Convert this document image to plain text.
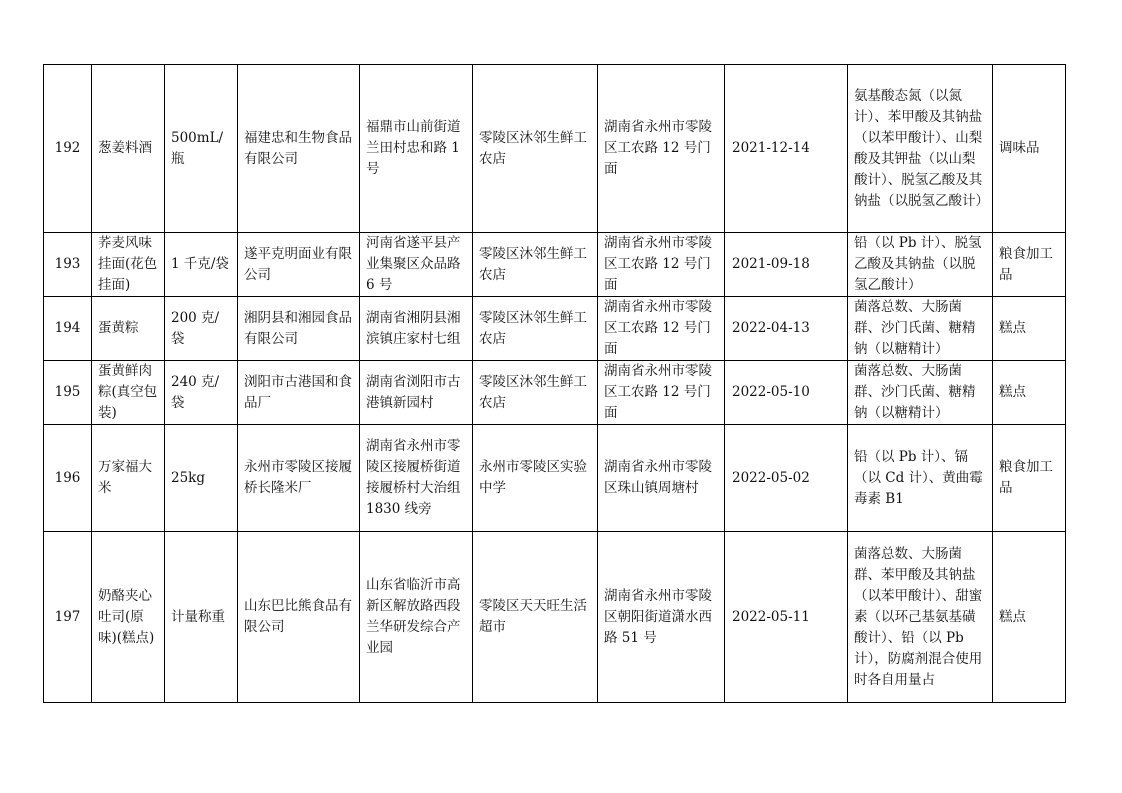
192	葱姜料酒	500mL/瓶	福建忠和生物食品有限公司	福鼎市山前街道兰田村忠和路 1 号	零陵区沐邻生鲜工农店	湖南省永州市零陵区工农路 12 号门面	2021-12-14	氨基酸态氮（以氮计）、苯甲酸及其钠盐（以苯甲酸计）、山梨酸及其钾盐（以山梨酸计）、脱氢乙酸及其钠盐（以脱氢乙酸计）	调味品
193	荞麦风味挂面(花色挂面)	1 千克/袋	遂平克明面业有限公司	河南省遂平县产业集聚区众品路 6 号	零陵区沐邻生鲜工农店	湖南省永州市零陵区工农路 12 号门面	2021-09-18	铅（以 Pb 计）、脱氢乙酸及其钠盐（以脱氢乙酸计）	粮食加工品
194	蛋黄粽	200 克/袋	湘阴县和湘园食品有限公司	湖南省湘阴县湘滨镇庄家村七组	零陵区沐邻生鲜工农店	湖南省永州市零陵区工农路 12 号门面	2022-04-13	菌落总数、大肠菌群、沙门氏菌、糖精钠（以糖精计）	糕点
195	蛋黄鲜肉粽(真空包装)	240 克/袋	浏阳市古港国和食品厂	湖南省浏阳市古港镇新园村	零陵区沐邻生鲜工农店	湖南省永州市零陵区工农路 12 号门面	2022-05-10	菌落总数、大肠菌群、沙门氏菌、糖精钠（以糖精计）	糕点
196	万家福大米	25kg	永州市零陵区接履桥长隆米厂	湖南省永州市零陵区接履桥街道接履桥村大治组 1830 线旁	永州市零陵区实验中学	湖南省永州市零陵区珠山镇周塘村	2022-05-02	铅（以 Pb 计）、镉（以 Cd 计）、黄曲霉毒素 B1	粮食加工品
197	奶酪夹心吐司(原味)(糕点)	计量称重	山东巴比熊食品有限公司	山东省临沂市高新区解放路西段兰华研发综合产业园	零陵区天天旺生活超市	湖南省永州市零陵区朝阳街道潇水西路 51 号	2022-05-11	菌落总数、大肠菌群、苯甲酸及其钠盐（以苯甲酸计）、甜蜜素（以环己基氨基磺酸计）、铅（以 Pb 计），防腐剂混合使用时各自用量占	糕点
